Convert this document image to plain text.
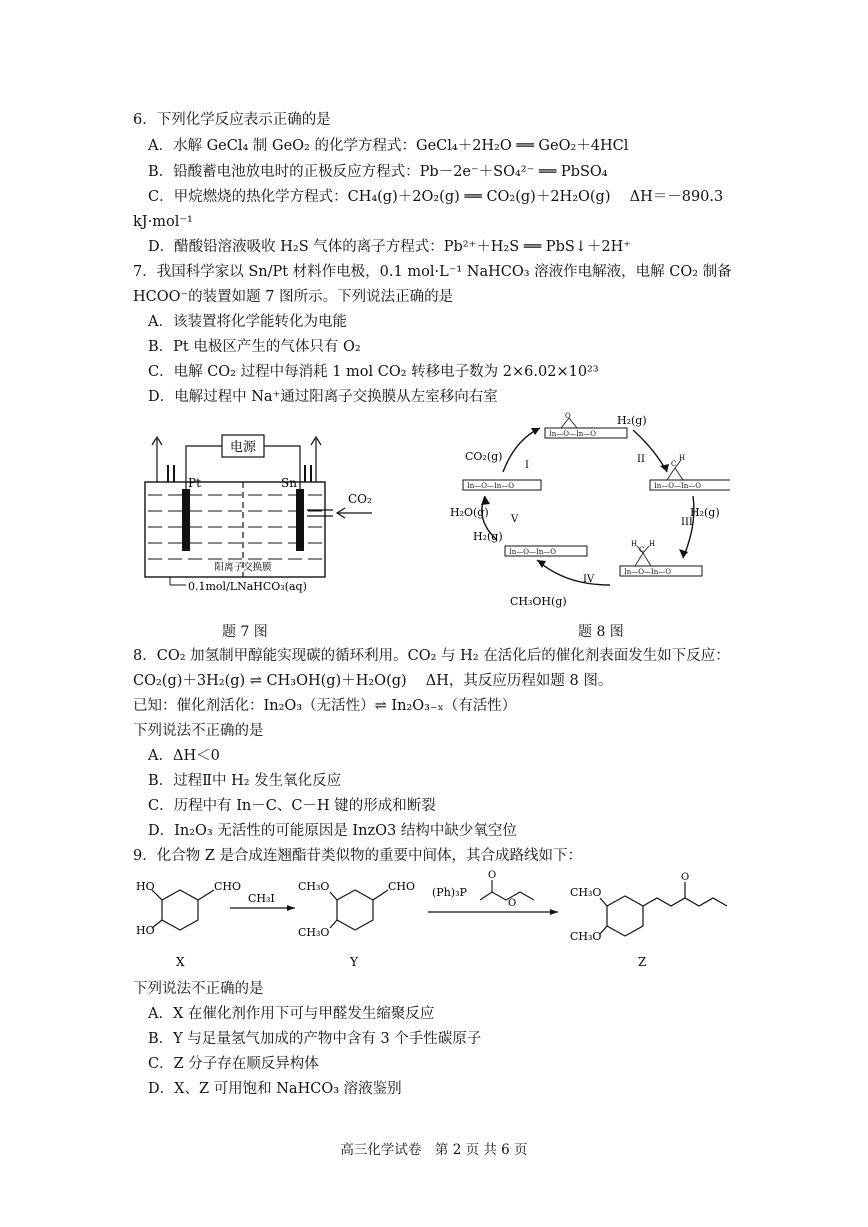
6．下列化学反应表示正确的是
A．水解 GeCl₄ 制 GeO₂ 的化学方程式：GeCl₄＋2H₂O ══ GeO₂＋4HCl
B．铅酸蓄电池放电时的正极反应方程式：Pb－2e⁻＋SO₄²⁻ ══ PbSO₄
C．甲烷燃烧的热化学方程式：CH₄(g)＋2O₂(g) ══ CO₂(g)＋2H₂O(g)　 ΔH＝－890.3
kJ·mol⁻¹
D．醋酸铅溶液吸收 H₂S 气体的离子方程式：Pb²⁺＋H₂S ══ PbS↓＋2H⁺
7．我国科学家以 Sn/Pt 材料作电极，0.1 mol·L⁻¹ NaHCO₃ 溶液作电解液，电解 CO₂ 制备
HCOO⁻的装置如题 7 图所示。下列说法正确的是
A．该装置将化学能转化为电能
B．Pt 电极区产生的气体只有 O₂
C．电解 CO₂ 过程中每消耗 1 mol CO₂ 转移电子数为 2×6.02×10²³
D．电解过程中 Na⁺通过阳离子交换膜从左室移向右室
电源
Pt	Sn
CO₂
阳离子交换膜
0.1mol/LNaHCO₃(aq)
题 7 图
In—O—In—O
In—O—In—O
In—O—In—O
In—O—In—O
In—O—In—O
I
II
III
IV
V
CO₂(g)
H₂(g)
H₂(g)
H₂O(g)
H₂(g)
CH₃OH(g)
O
C
H
C
H H
题 8 图
8．CO₂ 加氢制甲醇能实现碳的循环利用。CO₂ 与 H₂ 在活化后的催化剂表面发生如下反应：
CO₂(g)＋3H₂(g) ⇌ CH₃OH(g)＋H₂O(g)　 ΔH，其反应历程如题 8 图。
已知：催化剂活化：In₂O₃（无活性）⇌ In₂O₃₋ₓ（有活性）
下列说法不正确的是
A．ΔH＜0
B．过程Ⅱ中 H₂ 发生氧化反应
C．历程中有 In－C、C－H 键的形成和断裂
D．In₂O₃ 无活性的可能原因是 InzO3 结构中缺少氧空位
9．化合物 Z 是合成连翘酯苷类似物的重要中间体，其合成路线如下：
HO
HO
CHO
X
CH₃I
CH₃O
CH₃O
CHO
Y
(Ph)₃P
O
O
O
CH₃O
CH₃O
Z
下列说法不正确的是
A．X 在催化剂作用下可与甲醛发生缩聚反应
B．Y 与足量氢气加成的产物中含有 3 个手性碳原子
C．Z 分子存在顺反异构体
D．X、Z 可用饱和 NaHCO₃ 溶液鉴别
高三化学试卷　第 2 页 共 6 页
